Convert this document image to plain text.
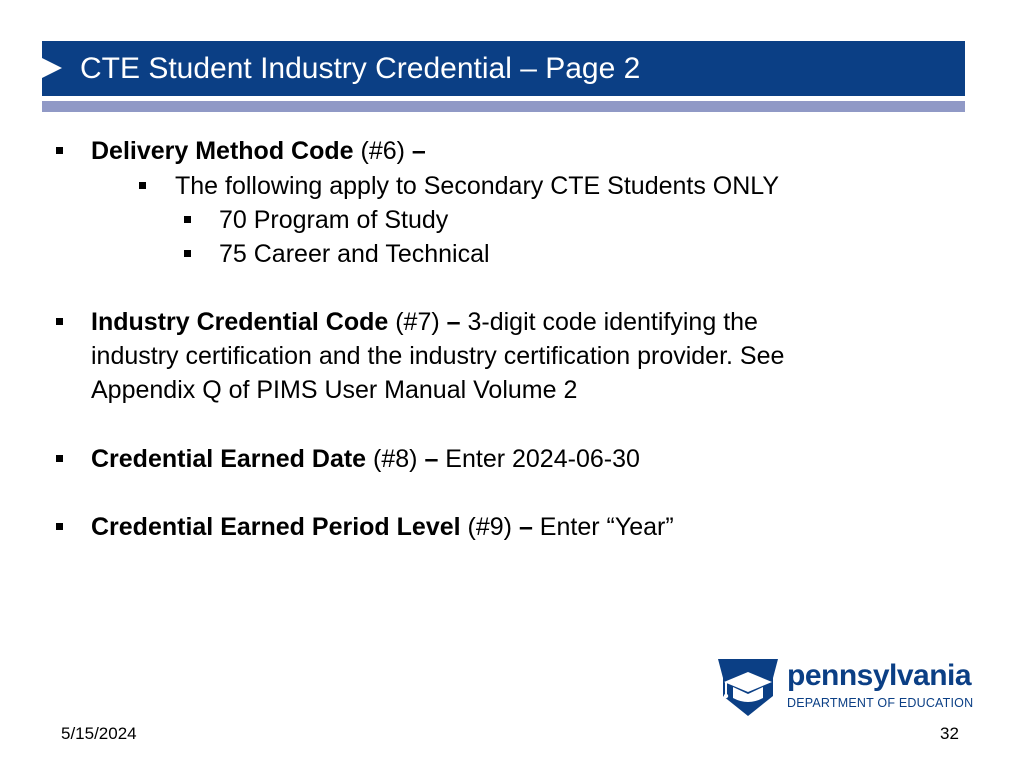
CTE Student Industry Credential – Page 2
Delivery Method Code (#6) –
The following apply to Secondary CTE Students ONLY
70 Program of Study
75 Career and Technical
Industry Credential Code (#7) – 3-digit code identifying the
industry certification and the industry certification provider. See
Appendix Q of PIMS User Manual Volume 2
Credential Earned Date (#8) – Enter 2024-06-30
Credential Earned Period Level (#9) – Enter “Year”
pennsylvania
DEPARTMENT OF EDUCATION
5/15/2024	32
